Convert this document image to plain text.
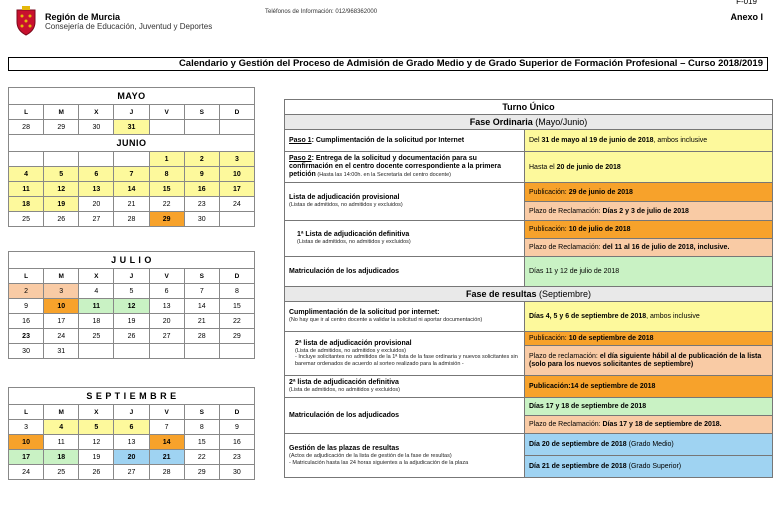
Región de Murcia
Consejería de Educación, Juventud y Deportes
Teléfonos de Información: 012/968362000
F-019
Anexo I
Calendario y Gestión del Proceso de Admisión de Grado Medio y de Grado Superior de Formación Profesional – Curso 2018/2019
MAYO						
L	M	X	J	V	S	D
28	29	30	31			
JUNIO						
				1	2	3
4	5	6	7	8	9	10
11	12	13	14	15	16	17
18	19	20	21	22	23	24
25	26	27	28	29	30	
J U L I O						
L	M	X	J	V	S	D
2	3	4	5	6	7	8
9	10	11	12	13	14	15
16	17	18	19	20	21	22
23	24	25	26	27	28	29
30	31					
S E P T I E M B R E						
L	M	X	J	V	S	D
3	4	5	6	7	8	9
10	11	12	13	14	15	16
17	18	19	20	21	22	23
24	25	26	27	28	29	30
Turno Único	
Fase Ordinaria (Mayo/Junio)	
Paso 1: Cumplimentación de la solicitud por Internet	Del 31 de mayo al 19 de junio de 2018, ambos inclusive

Paso 2: Entrega de la solicitud y documentación para su confirmación en el centro docente correspondiente a la primera petición (Hasta las 14:00h. en la Secretaría del centro docente)	Hasta el 20 de junio de 2018

Lista de adjudicación provisional
(Listas de admitidos, no admitidos y excluidos)	Publicación: 29 de junio de 2018
	Plazo de Reclamación: Días 2 y 3 de julio de 2018

1ª Lista de adjudicación definitiva
(Listas de admitidos, no admitidos y excluidos)	Publicación: 10 de julio de 2018
	Plazo de Reclamación: del 11 al 16 de julio de 2018, inclusive.
Matriculación de los adjudicados	Días 11 y 12 de julio de 2018
Fase de resultas (Septiembre)	

Cumplimentación de la solicitud por internet:
(No hay que ir al centro docente a validar la solicitud ni aportar documentación)	Días 4, 5 y 6 de septiembre de 2018, ambos inclusive

2ª lista de adjudicación provisional
(Lista de admitidos, no admitidos y excluidos)
- Incluye solicitantes no admitidos de la 1ª lista de la fase ordinaria y nuevos solicitantes sin baremar ordenados de acuerdo al sorteo realizado para la admisión -	Publicación: 10 de septiembre de 2018
	Plazo de reclamación: el día siguiente hábil al de publicación de la lista (solo para los nuevos solicitantes de septiembre)

2ª lista de adjudicación definitiva
(Lista de admitidos, no admitidos y excluidos)	Publicación:14 de septiembre de 2018
Matriculación de los adjudicados	Días 17 y 18 de septiembre de 2018
	Plazo de Reclamación: Días 17 y 18 de septiembre de 2018.

Gestión de las plazas de resultas
(Actos de adjudicación de la lista de gestión de la fase de resultas)
- Matriculación hasta las 24 horas siguientes a la adjudicación de la plaza	Día 20 de septiembre de 2018 (Grado Medio)
	Día 21 de septiembre de 2018 (Grado Superior)
